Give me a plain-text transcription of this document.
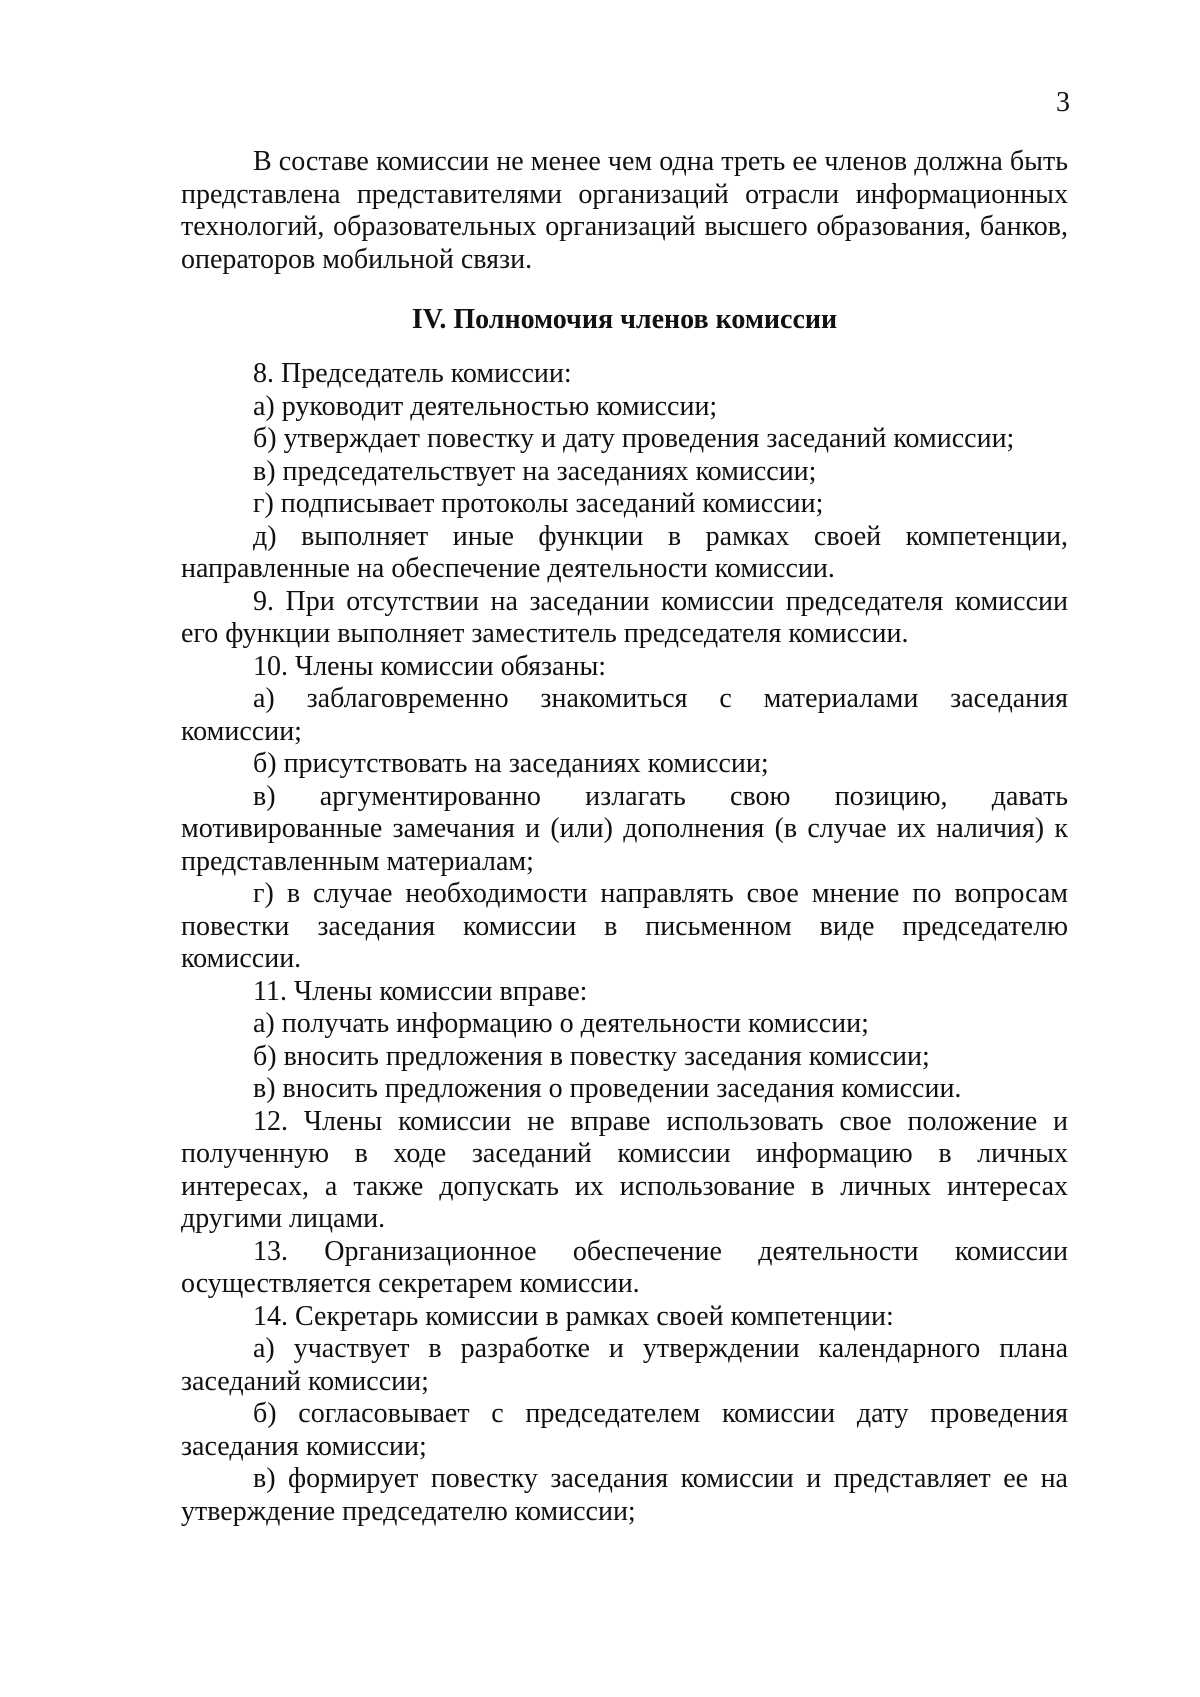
3

В составе комиссии не менее чем одна треть ее членов должна быть представлена представителями организаций отрасли информационных технологий, образовательных организаций высшего образования, банков, операторов мобильной связи.

IV. Полномочия членов комиссии

8. Председатель комиссии:

а) руководит деятельностью комиссии;

б) утверждает повестку и дату проведения заседаний комиссии;

в) председательствует на заседаниях комиссии;

г) подписывает протоколы заседаний комиссии;

д) выполняет иные функции в рамках своей компетенции, направленные на обеспечение деятельности комиссии.

9. При отсутствии на заседании комиссии председателя комиссии его функции выполняет заместитель председателя комиссии.

10. Члены комиссии обязаны:

а) заблаговременно знакомиться с материалами заседания комиссии;

б) присутствовать на заседаниях комиссии;

в) аргументированно излагать свою позицию, давать мотивированные замечания и (или) дополнения (в случае их наличия) к представленным материалам;

г) в случае необходимости направлять свое мнение по вопросам повестки заседания комиссии в письменном виде председателю комиссии.

11. Члены комиссии вправе:

а) получать информацию о деятельности комиссии;

б) вносить предложения в повестку заседания комиссии;

в) вносить предложения о проведении заседания комиссии.

12. Члены комиссии не вправе использовать свое положение и полученную в ходе заседаний комиссии информацию в личных интересах, а также допускать их использование в личных интересах другими лицами.

13. Организационное обеспечение деятельности комиссии осуществляется секретарем комиссии.

14. Секретарь комиссии в рамках своей компетенции:

а) участвует в разработке и утверждении календарного плана заседаний комиссии;

б) согласовывает с председателем комиссии дату проведения заседания комиссии;

в) формирует повестку заседания комиссии и представляет ее на утверждение председателю комиссии;
